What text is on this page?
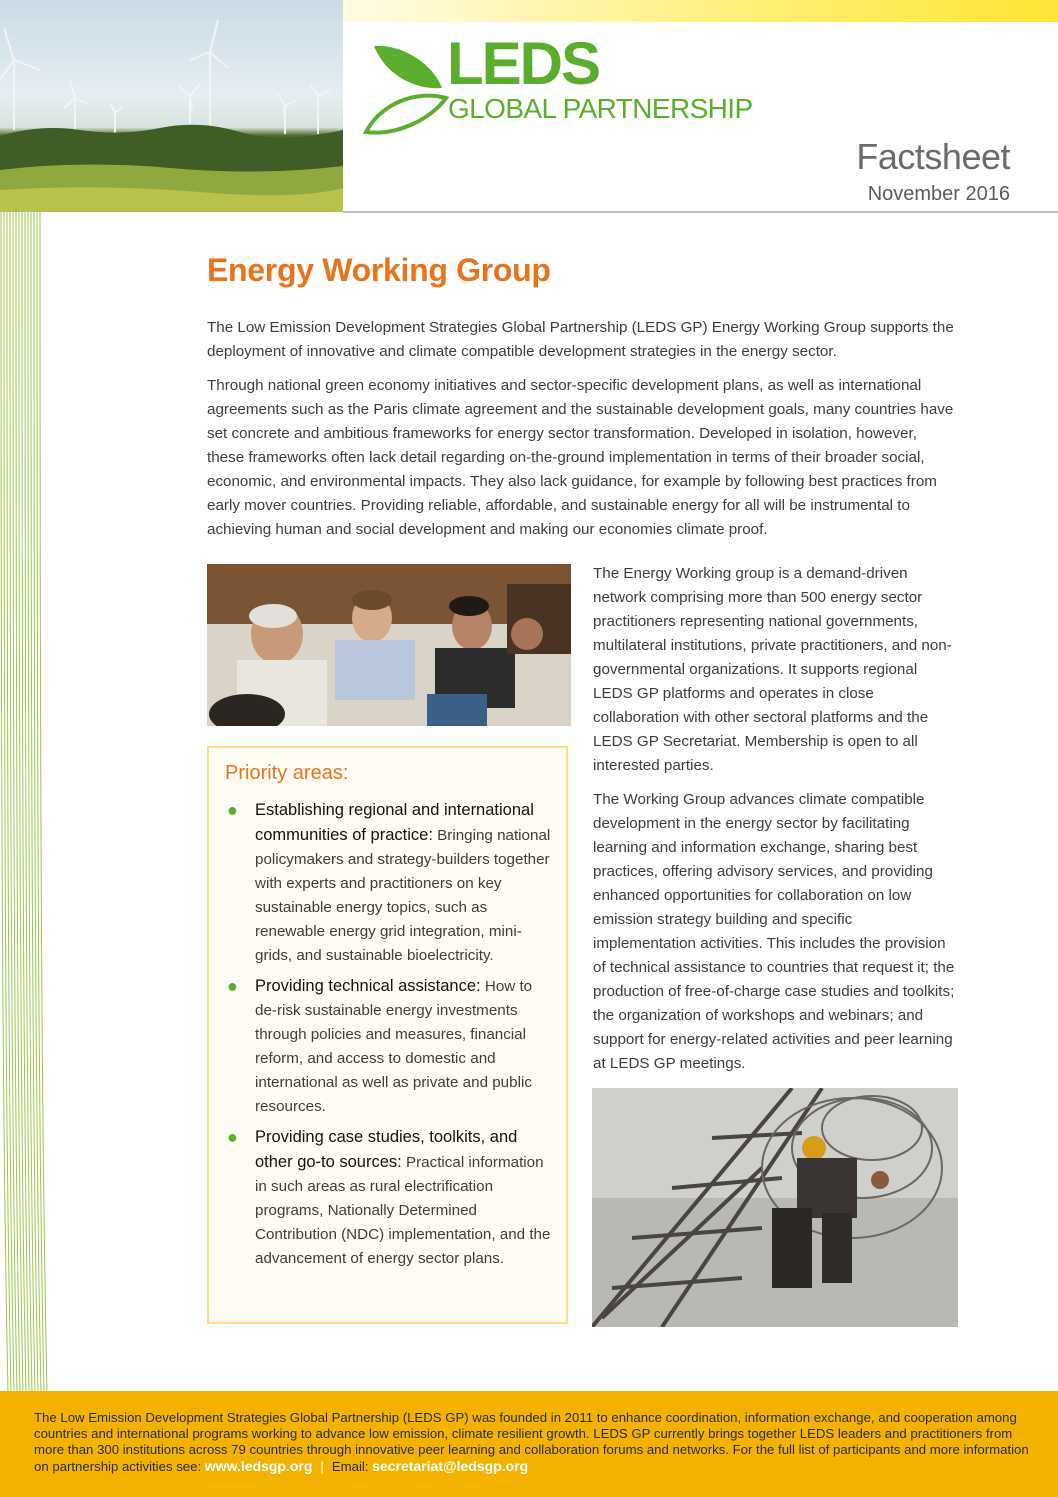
LEDS
GLOBAL PARTNERSHIP
Factsheet
November 2016
Energy Working Group

The Low Emission Development Strategies Global Partnership (LEDS GP) Energy Working Group supports the deployment of innovative and climate compatible development strategies in the energy sector.

Through national green economy initiatives and sector-specific development plans, as well as international agreements such as the Paris climate agreement and the sustainable development goals, many countries have set concrete and ambitious frameworks for energy sector transformation. Developed in isolation, however, these frameworks often lack detail regarding on-the-ground implementation in terms of their broader social, economic, and environmental impacts. They also lack guidance, for example by following best practices from early mover countries. Providing reliable, affordable, and sustainable energy for all will be instrumental to achieving human and social development and making our economies climate proof.

Priority areas:
● Establishing regional and international communities of practice: Bringing national policymakers and strategy-builders together with experts and practitioners on key sustainable energy topics, such as renewable energy grid integration, mini-grids, and sustainable bioelectricity.
● Providing technical assistance: How to de-risk sustainable energy investments through policies and measures, financial reform, and access to domestic and international as well as private and public resources.
● Providing case studies, toolkits, and other go-to sources: Practical information in such areas as rural electrification programs, Nationally Determined Contribution (NDC) implementation, and the advancement of energy sector plans.

The Energy Working group is a demand-driven network comprising more than 500 energy sector practitioners representing national governments, multilateral institutions, private practitioners, and non-governmental organizations. It supports regional LEDS GP platforms and operates in close collaboration with other sectoral platforms and the LEDS GP Secretariat. Membership is open to all interested parties.

The Working Group advances climate compatible development in the energy sector by facilitating learning and information exchange, sharing best practices, offering advisory services, and providing enhanced opportunities for collaboration on low emission strategy building and specific implementation activities. This includes the provision of technical assistance to countries that request it; the production of free-of-charge case studies and toolkits; the organization of workshops and webinars; and support for energy-related activities and peer learning at LEDS GP meetings.

The Low Emission Development Strategies Global Partnership (LEDS GP) was founded in 2011 to enhance coordination, information exchange, and cooperation among countries and international programs working to advance low emission, climate resilient growth. LEDS GP currently brings together LEDS leaders and practitioners from more than 300 institutions across 79 countries through innovative peer learning and collaboration forums and networks. For the full list of participants and more information on partnership activities see: www.ledsgp.org | Email: secretariat@ledsgp.org
